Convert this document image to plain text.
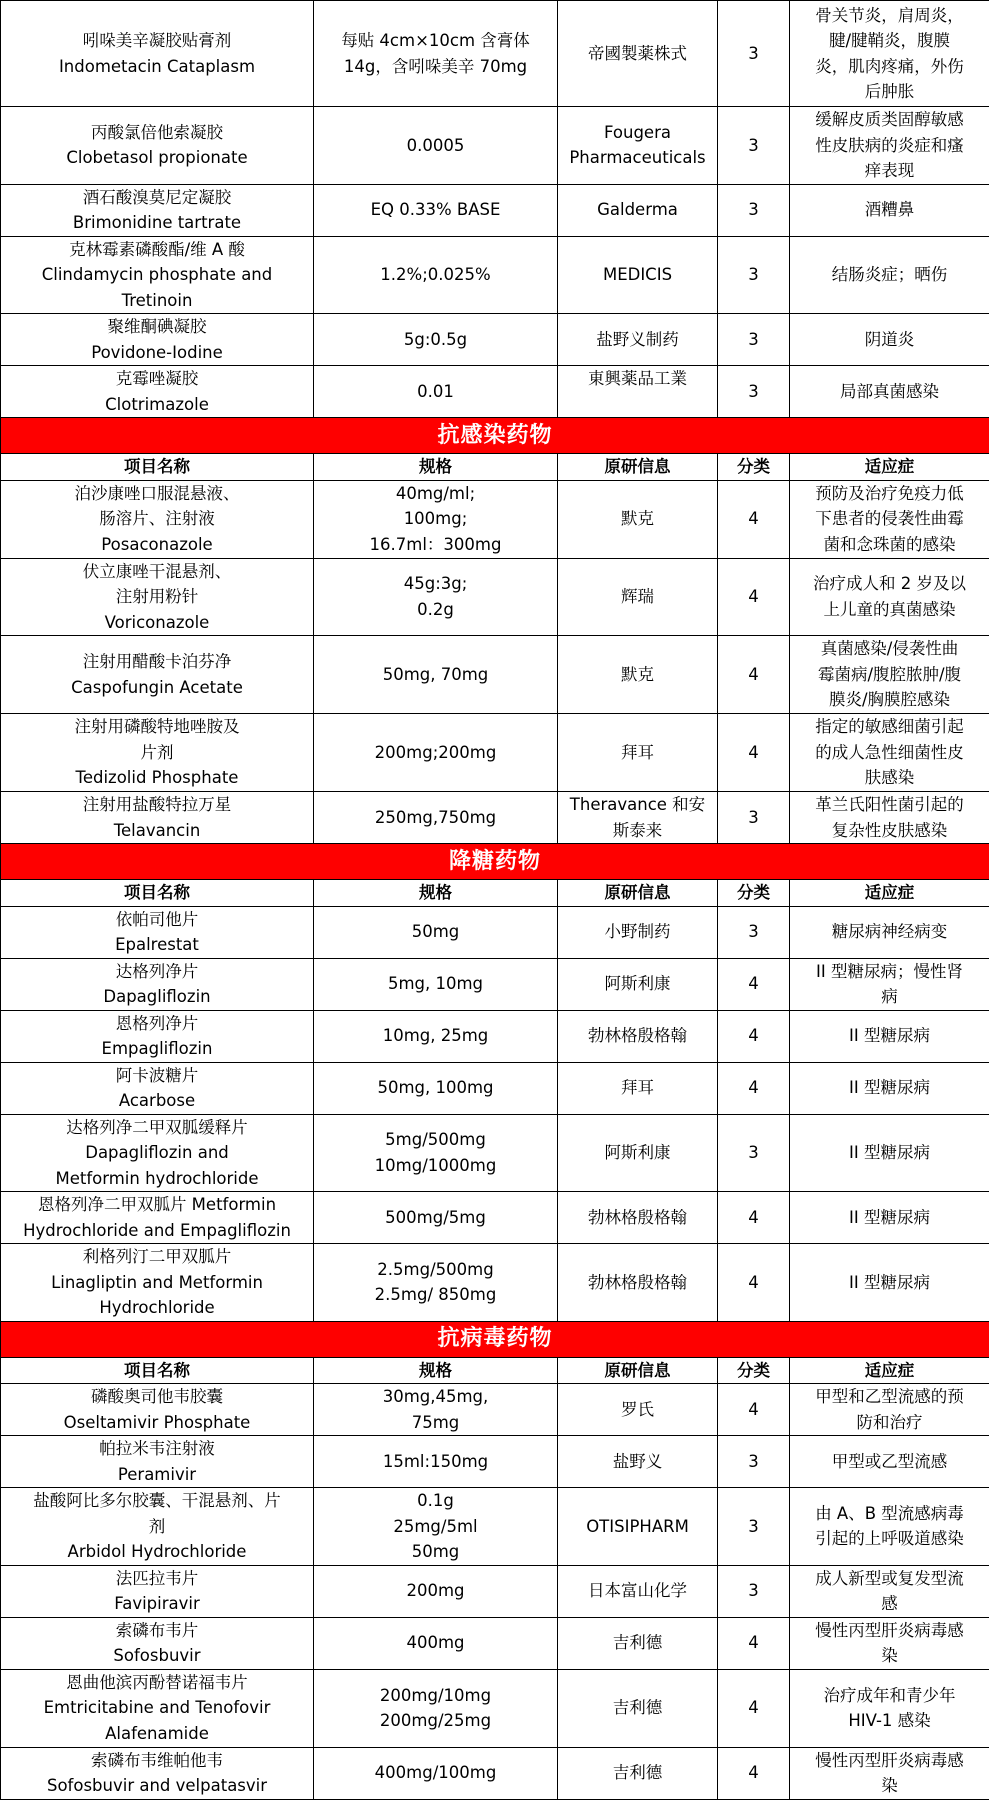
吲哚美辛凝胶贴膏剂
Indometacin Cataplasm	每贴 4cm×10cm 含膏体
14g，含吲哚美辛 70mg	帝國製薬株式	3	骨关节炎，肩周炎，
腱/腱鞘炎，腹膜
炎，肌肉疼痛，外伤
后肿胀

丙酸氯倍他索凝胶
Clobetasol propionate	0.0005	Fougera
Pharmaceuticals	3	缓解皮质类固醇敏感
性皮肤病的炎症和瘙
痒表现

酒石酸溴莫尼定凝胶
Brimonidine tartrate	EQ 0.33% BASE	Galderma	3	酒糟鼻

克林霉素磷酸酯/维 A 酸
Clindamycin phosphate and
Tretinoin	1.2%;0.025%	MEDICIS	3	结肠炎症；晒伤

聚维酮碘凝胶
Povidone-Iodine	5g:0.5g	盐野义制药	3	阴道炎

克霉唑凝胶
Clotrimazole	0.01	東興薬品工業	3	局部真菌感染

抗感染药物				
项目名称	规格	原研信息	分类	适应症

泊沙康唑口服混悬液、
肠溶片、注射液
Posaconazole	40mg/ml;
100mg;
16.7ml：300mg	默克	4	预防及治疗免疫力低
下患者的侵袭性曲霉
菌和念珠菌的感染

伏立康唑干混悬剂、
注射用粉针
Voriconazole	45g:3g;
0.2g	辉瑞	4	治疗成人和 2 岁及以
上儿童的真菌感染

注射用醋酸卡泊芬净
Caspofungin Acetate	50mg, 70mg	默克	4	真菌感染/侵袭性曲
霉菌病/腹腔脓肿/腹
膜炎/胸膜腔感染

注射用磷酸特地唑胺及
片剂
Tedizolid Phosphate	200mg;200mg	拜耳	4	指定的敏感细菌引起
的成人急性细菌性皮
肤感染

注射用盐酸特拉万星
Telavancin	250mg,750mg	Theravance 和安
斯泰来	3	革兰氏阳性菌引起的
复杂性皮肤感染

降糖药物				
项目名称	规格	原研信息	分类	适应症

依帕司他片
Epalrestat	50mg	小野制药	3	糖尿病神经病变

达格列净片
Dapagliflozin	5mg, 10mg	阿斯利康	4	II 型糖尿病；慢性肾
病

恩格列净片
Empagliflozin	10mg, 25mg	勃林格殷格翰	4	II 型糖尿病

阿卡波糖片
Acarbose	50mg, 100mg	拜耳	4	II 型糖尿病

达格列净二甲双胍缓释片
Dapagliflozin and
Metformin hydrochloride	5mg/500mg
10mg/1000mg	阿斯利康	3	II 型糖尿病

恩格列净二甲双胍片 Metformin
Hydrochloride and Empagliflozin	500mg/5mg	勃林格殷格翰	4	II 型糖尿病

利格列汀二甲双胍片
Linagliptin and Metformin
Hydrochloride	2.5mg/500mg
2.5mg/ 850mg	勃林格殷格翰	4	II 型糖尿病

抗病毒药物				
项目名称	规格	原研信息	分类	适应症

磷酸奥司他韦胶囊
Oseltamivir Phosphate	30mg,45mg,
75mg	罗氏	4	甲型和乙型流感的预
防和治疗

帕拉米韦注射液
Peramivir	15ml:150mg	盐野义	3	甲型或乙型流感

盐酸阿比多尔胶囊、干混悬剂、片
剂
Arbidol Hydrochloride	0.1g
25mg/5ml
50mg	OTISIPHARM	3	由 A、B 型流感病毒
引起的上呼吸道感染

法匹拉韦片
Favipiravir	200mg	日本富山化学	3	成人新型或复发型流
感

索磷布韦片
Sofosbuvir	400mg	吉利德	4	慢性丙型肝炎病毒感
染

恩曲他滨丙酚替诺福韦片
Emtricitabine and Tenofovir
Alafenamide	200mg/10mg
200mg/25mg	吉利德	4	治疗成年和青少年
HIV-1 感染

索磷布韦维帕他韦
Sofosbuvir and velpatasvir	400mg/100mg	吉利德	4	慢性丙型肝炎病毒感
染
